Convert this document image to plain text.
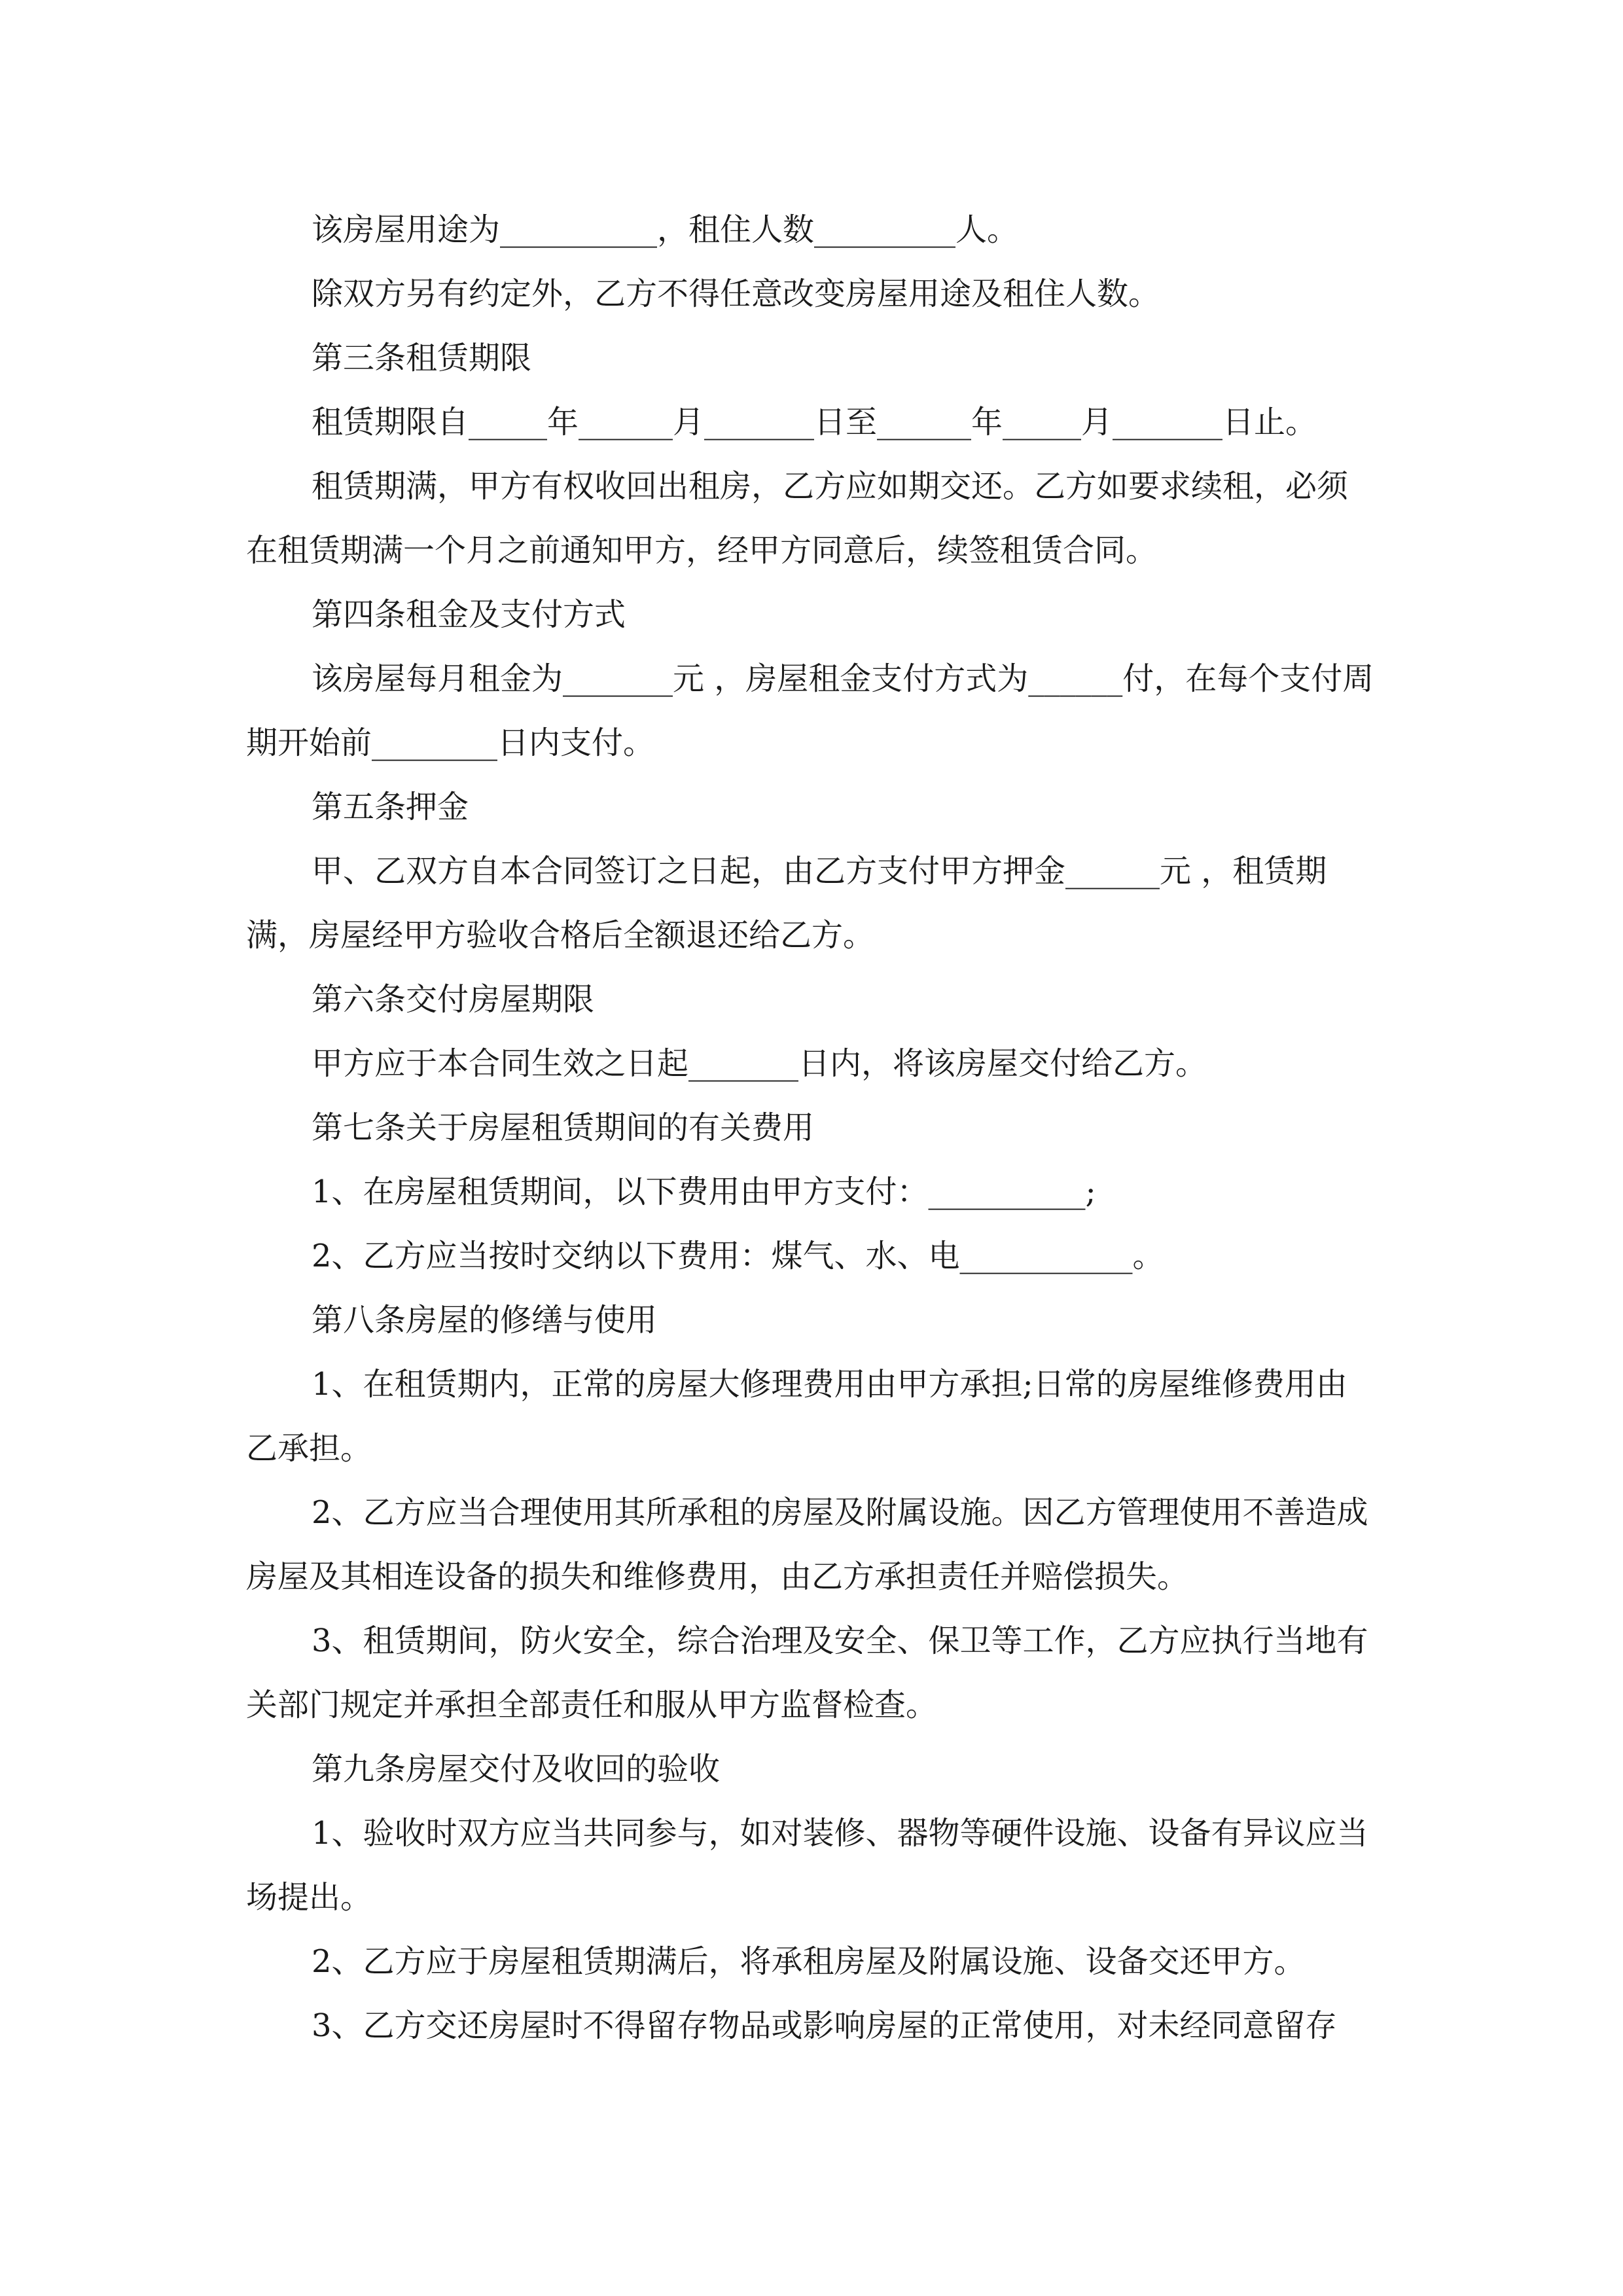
该房屋用途为__________，租住人数_________人。

除双方另有约定外，乙方不得任意改变房屋用途及租住人数。

第三条租赁期限

租赁期限自_____年______月_______日至______年_____月_______日止。

租赁期满，甲方有权收回出租房，乙方应如期交还。乙方如要求续租，必须在租赁期满一个月之前通知甲方，经甲方同意后，续签租赁合同。

第四条租金及支付方式

该房屋每月租金为_______元 ，房屋租金支付方式为______付，在每个支付周期开始前________日内支付。

第五条押金

甲、乙双方自本合同签订之日起，由乙方支付甲方押金______元 ，租赁期满，房屋经甲方验收合格后全额退还给乙方。

第六条交付房屋期限

甲方应于本合同生效之日起_______日内，将该房屋交付给乙方。

第七条关于房屋租赁期间的有关费用

1、在房屋租赁期间，以下费用由甲方支付：__________;

2、乙方应当按时交纳以下费用：煤气、水、电___________。

第八条房屋的修缮与使用

1、在租赁期内，正常的房屋大修理费用由甲方承担;日常的房屋维修费用由乙承担。

2、乙方应当合理使用其所承租的房屋及附属设施。因乙方管理使用不善造成房屋及其相连设备的损失和维修费用，由乙方承担责任并赔偿损失。

3、租赁期间，防火安全，综合治理及安全、保卫等工作，乙方应执行当地有关部门规定并承担全部责任和服从甲方监督检查。

第九条房屋交付及收回的验收

1、验收时双方应当共同参与，如对装修、器物等硬件设施、设备有异议应当场提出。

2、乙方应于房屋租赁期满后，将承租房屋及附属设施、设备交还甲方。

3、乙方交还房屋时不得留存物品或影响房屋的正常使用，对未经同意留存
